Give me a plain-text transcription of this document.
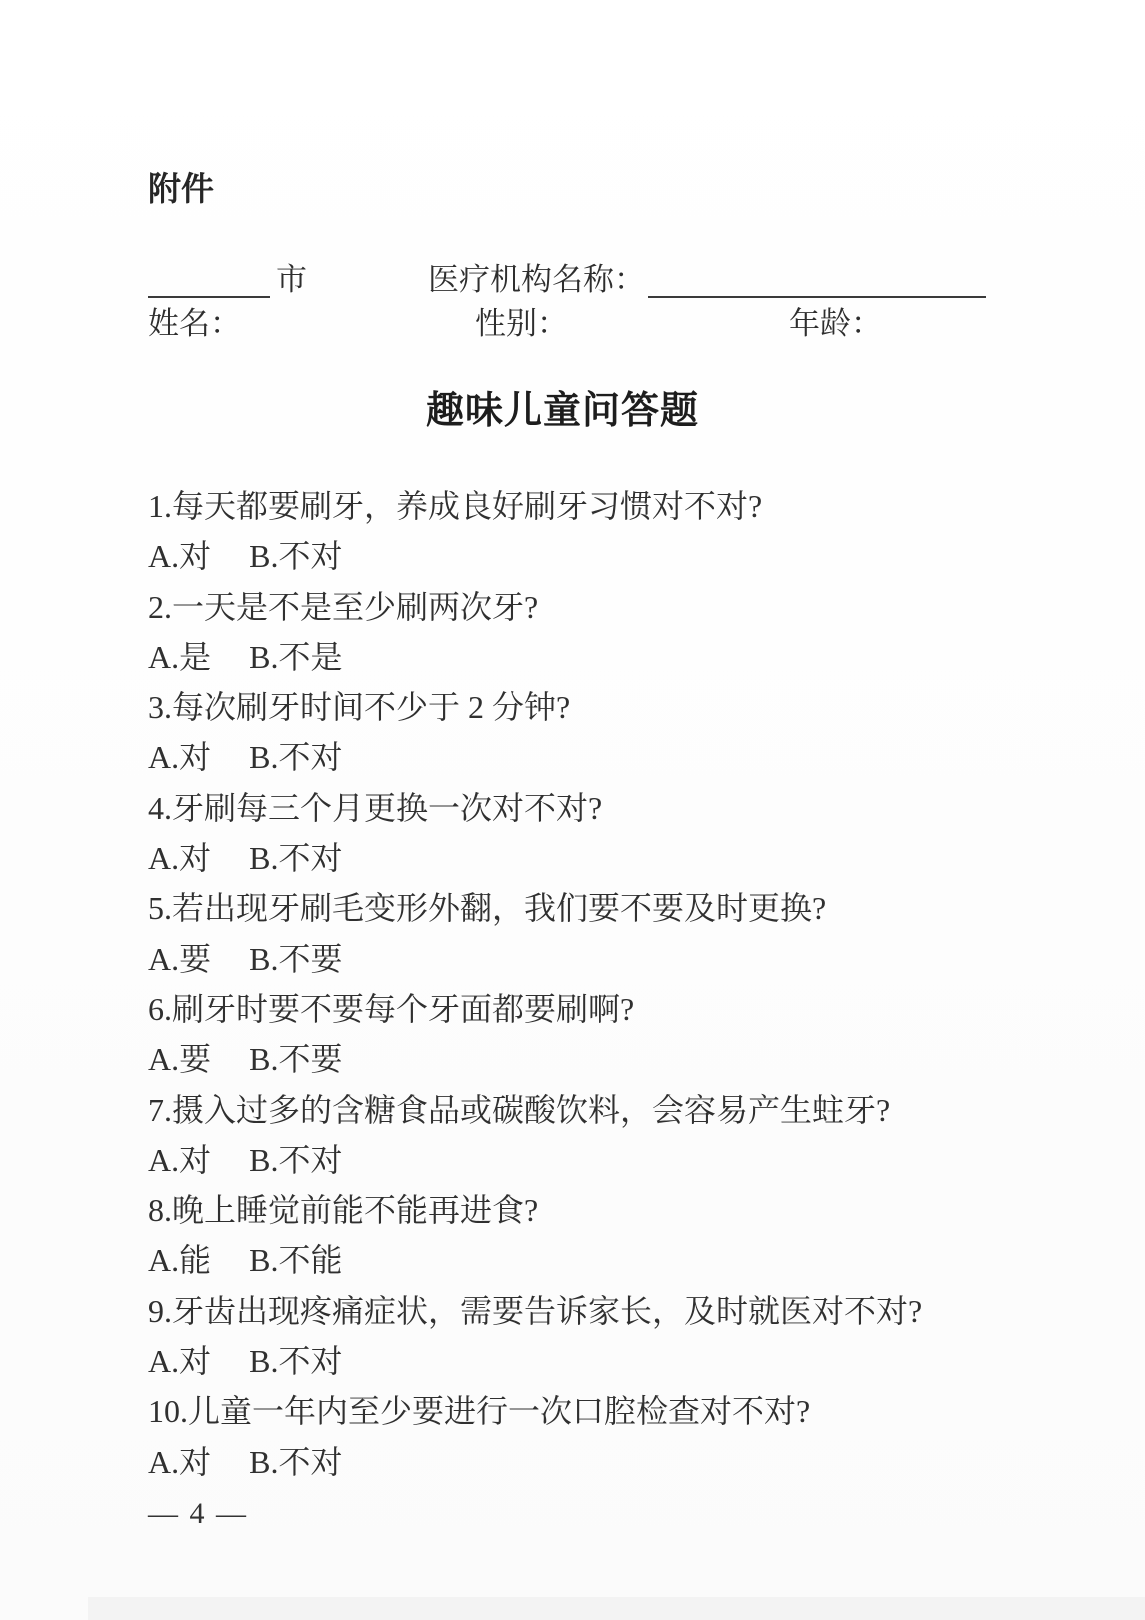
附件
市	医疗机构名称：
姓名：	性别：	年龄：
趣味儿童问答题
1.每天都要刷牙，养成良好刷牙习惯对不对?
A.对 B.不对
2.一天是不是至少刷两次牙?
A.是 B.不是
3.每次刷牙时间不少于 2 分钟?
A.对 B.不对
4.牙刷每三个月更换一次对不对?
A.对 B.不对
5.若出现牙刷毛变形外翻，我们要不要及时更换?
A.要 B.不要
6.刷牙时要不要每个牙面都要刷啊?
A.要 B.不要
7.摄入过多的含糖食品或碳酸饮料，会容易产生蛀牙?
A.对 B.不对
8.晚上睡觉前能不能再进食?
A.能 B.不能
9.牙齿出现疼痛症状，需要告诉家长，及时就医对不对?
A.对 B.不对
10.儿童一年内至少要进行一次口腔检查对不对?
A.对 B.不对
— 4 —
